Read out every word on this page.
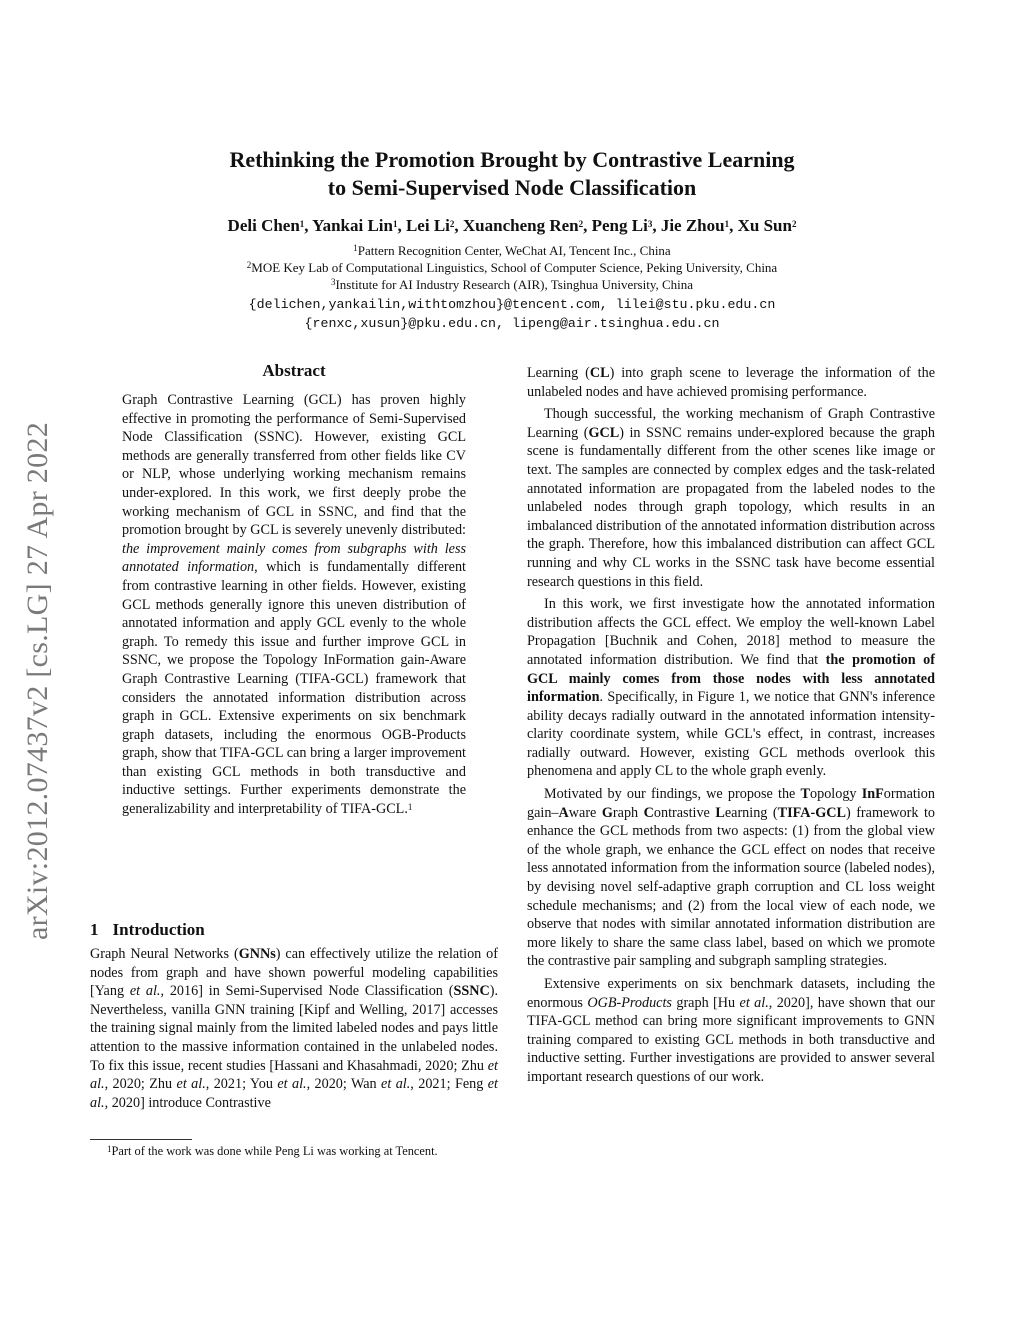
arXiv:2012.07437v2 [cs.LG] 27 Apr 2022
Rethinking the Promotion Brought by Contrastive Learning
to Semi-Supervised Node Classification
Deli Chen$^1$, Yankai Lin$^1$, Lei Li$^2$, Xuancheng Ren$^2$, Peng Li$^3$, Jie Zhou$^1$, Xu Sun$^2$
$^1$Pattern Recognition Center, WeChat AI, Tencent Inc., China
$^2$MOE Key Lab of Computational Linguistics, School of Computer Science, Peking University, China
$^3$Institute for AI Industry Research (AIR), Tsinghua University, China
{delichen,yankailin,withtomzhou}@tencent.com, lilei@stu.pku.edu.cn
{renxc,xusun}@pku.edu.cn, lipeng@air.tsinghua.edu.cn
Abstract

Graph Contrastive Learning (GCL) has proven highly effective in promoting the performance of Semi-Supervised Node Classification (SSNC). However, existing GCL methods are generally transferred from other fields like CV or NLP, whose underlying working mechanism remains under-explored. In this work, we first deeply probe the working mechanism of GCL in SSNC, and find that the promotion brought by GCL is severely unevenly distributed: the improvement mainly comes from subgraphs with less annotated information, which is fundamentally different from contrastive learning in other fields. However, existing GCL methods generally ignore this uneven distribution of annotated information and apply GCL evenly to the whole graph. To remedy this issue and further improve GCL in SSNC, we propose the Topology InFormation gain-Aware Graph Contrastive Learning (TIFA-GCL) framework that considers the annotated information distribution across graph in GCL. Extensive experiments on six benchmark graph datasets, including the enormous OGB-Products graph, show that TIFA-GCL can bring a larger improvement than existing GCL methods in both transductive and inductive settings. Further experiments demonstrate the generalizability and interpretability of TIFA-GCL.$^1$

1 Introduction

Graph Neural Networks (GNNs) can effectively utilize the relation of nodes from graph and have shown powerful modeling capabilities [Yang et al., 2016] in Semi-Supervised Node Classification (SSNC). Nevertheless, vanilla GNN training [Kipf and Welling, 2017] accesses the training signal mainly from the limited labeled nodes and pays little attention to the massive information contained in the unlabeled nodes. To fix this issue, recent studies [Hassani and Khasahmadi, 2020; Zhu et al., 2020; Zhu et al., 2021; You et al., 2020; Wan et al., 2021; Feng et al., 2020] introduce Contrastive

$^1$Part of the work was done while Peng Li was working at Tencent.

Learning (CL) into graph scene to leverage the information of the unlabeled nodes and have achieved promising performance.

Though successful, the working mechanism of Graph Contrastive Learning (GCL) in SSNC remains under-explored because the graph scene is fundamentally different from the other scenes like image or text. The samples are connected by complex edges and the task-related annotated information are propagated from the labeled nodes to the unlabeled nodes through graph topology, which results in an imbalanced distribution of the annotated information distribution across the graph. Therefore, how this imbalanced distribution can affect GCL running and why CL works in the SSNC task have become essential research questions in this field.

In this work, we first investigate how the annotated information distribution affects the GCL effect. We employ the well-known Label Propagation [Buchnik and Cohen, 2018] method to measure the annotated information distribution. We find that the promotion of GCL mainly comes from those nodes with less annotated information. Specifically, in Figure 1, we notice that GNN's inference ability decays radially outward in the annotated information intensity-clarity coordinate system, while GCL's effect, in contrast, increases radially outward. However, existing GCL methods overlook this phenomena and apply CL to the whole graph evenly.

Motivated by our findings, we propose the Topology InFormation gain–Aware Graph Contrastive Learning (TIFA-GCL) framework to enhance the GCL methods from two aspects: (1) from the global view of the whole graph, we enhance the GCL effect on nodes that receive less annotated information from the information source (labeled nodes), by devising novel self-adaptive graph corruption and CL loss weight schedule mechanisms; and (2) from the local view of each node, we observe that nodes with similar annotated information distribution are more likely to share the same class label, based on which we promote the contrastive pair sampling and subgraph sampling strategies.

Extensive experiments on six benchmark datasets, including the enormous OGB-Products graph [Hu et al., 2020], have shown that our TIFA-GCL method can bring more significant improvements to GNN training compared to existing GCL methods in both transductive and inductive setting. Further investigations are provided to answer several important research questions of our work.
